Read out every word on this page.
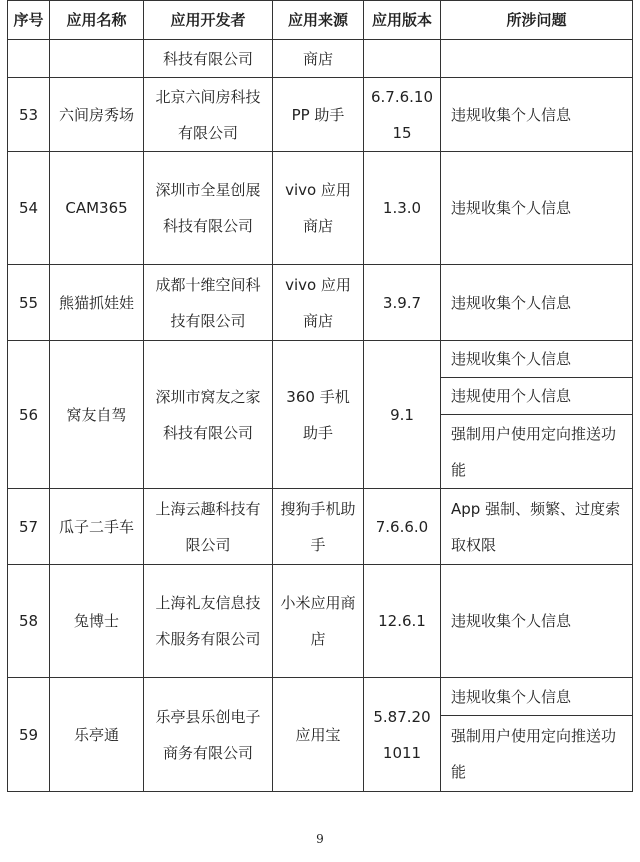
序号	应用名称	应用开发者	应用来源	应用版本	所涉问题
		科技有限公司	商店		
53	六间房秀场	北京六间房科技有限公司	PP 助手	6.7.6.1015	违规收集个人信息
54	CAM365	深圳市全星创展科技有限公司	vivo 应用商店	1.3.0	违规收集个人信息
55	熊猫抓娃娃	成都十维空间科技有限公司	vivo 应用商店	3.9.7	违规收集个人信息
56	窝友自驾	深圳市窝友之家科技有限公司	360 手机助手	9.1	违规收集个人信息
					违规使用个人信息
					强制用户使用定向推送功能
57	瓜子二手车	上海云趣科技有限公司	搜狗手机助手	7.6.6.0	App 强制、频繁、过度索取权限
58	兔博士	上海礼友信息技术服务有限公司	小米应用商店	12.6.1	违规收集个人信息
59	乐亭通	乐亭县乐创电子商务有限公司	应用宝	5.87.201011	违规收集个人信息
					强制用户使用定向推送功能
9
